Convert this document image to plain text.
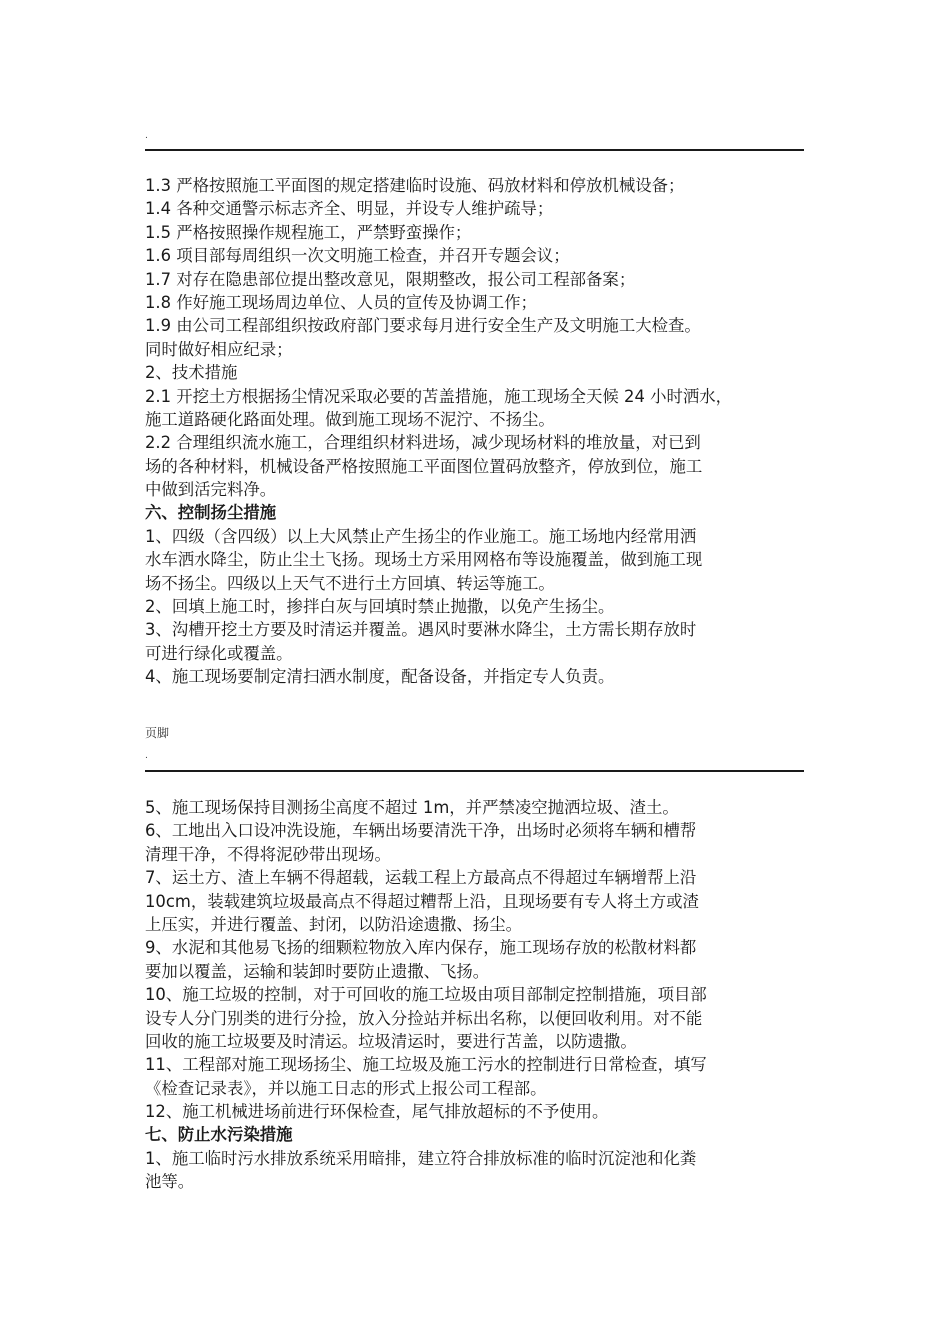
.
1.3 严格按照施工平面图的规定搭建临时设施、码放材料和停放机械设备；
1.4 各种交通警示标志齐全、明显，并设专人维护疏导；
1.5 严格按照操作规程施工，严禁野蛮操作；
1.6 项目部每周组织一次文明施工检查，并召开专题会议；
1.7 对存在隐患部位提出整改意见，限期整改，报公司工程部备案；
1.8 作好施工现场周边单位、人员的宣传及协调工作；
1.9 由公司工程部组织按政府部门要求每月进行安全生产及文明施工大检查。
同时做好相应纪录；
2、技术措施
2.1 开挖土方根据扬尘情况采取必要的苫盖措施，施工现场全天候 24 小时洒水，
施工道路硬化路面处理。做到施工现场不泥泞、不扬尘。
2.2 合理组织流水施工，合理组织材料进场，减少现场材料的堆放量，对已到
场的各种材料，机械设备严格按照施工平面图位置码放整齐，停放到位，施工
中做到活完料净。
六、控制扬尘措施
1、四级（含四级）以上大风禁止产生扬尘的作业施工。施工场地内经常用洒
水车洒水降尘，防止尘土飞扬。现场土方采用网格布等设施覆盖，做到施工现
场不扬尘。四级以上天气不进行土方回填、转运等施工。
2、回填上施工时，掺拌白灰与回填时禁止抛撒，以免产生扬尘。
3、沟槽开挖土方要及时清运并覆盖。遇风时要淋水降尘，土方需长期存放时
可进行绿化或覆盖。
4、施工现场要制定清扫洒水制度，配备设备，并指定专人负责。
页脚
.
5、施工现场保持目测扬尘高度不超过 1m，并严禁凌空抛洒垃圾、渣土。
6、工地出入口设冲洗设施，车辆出场要清洗干净，出场时必须将车辆和槽帮
清理干净，不得将泥砂带出现场。
7、运土方、渣上车辆不得超载，运载工程上方最高点不得超过车辆增帮上沿
10cm，装载建筑垃圾最高点不得超过糟帮上沿，且现场要有专人将土方或渣
上压实，并进行覆盖、封闭，以防沿途遗撒、扬尘。
9、水泥和其他易飞扬的细颗粒物放入库内保存，施工现场存放的松散材料都
要加以覆盖，运输和装卸时要防止遗撒、飞扬。
10、施工垃圾的控制，对于可回收的施工垃圾由项目部制定控制措施，项目部
设专人分门别类的进行分捡，放入分捡站并标出名称，以便回收利用。对不能
回收的施工垃圾要及时清运。垃圾清运时，要进行苫盖，以防遗撒。
11、工程部对施工现场扬尘、施工垃圾及施工污水的控制进行日常检查，填写
《检查记录表》，并以施工日志的形式上报公司工程部。
12、施工机械进场前进行环保检查，尾气排放超标的不予使用。
七、防止水污染措施
1、施工临时污水排放系统采用暗排，建立符合排放标准的临时沉淀池和化粪
池等。
